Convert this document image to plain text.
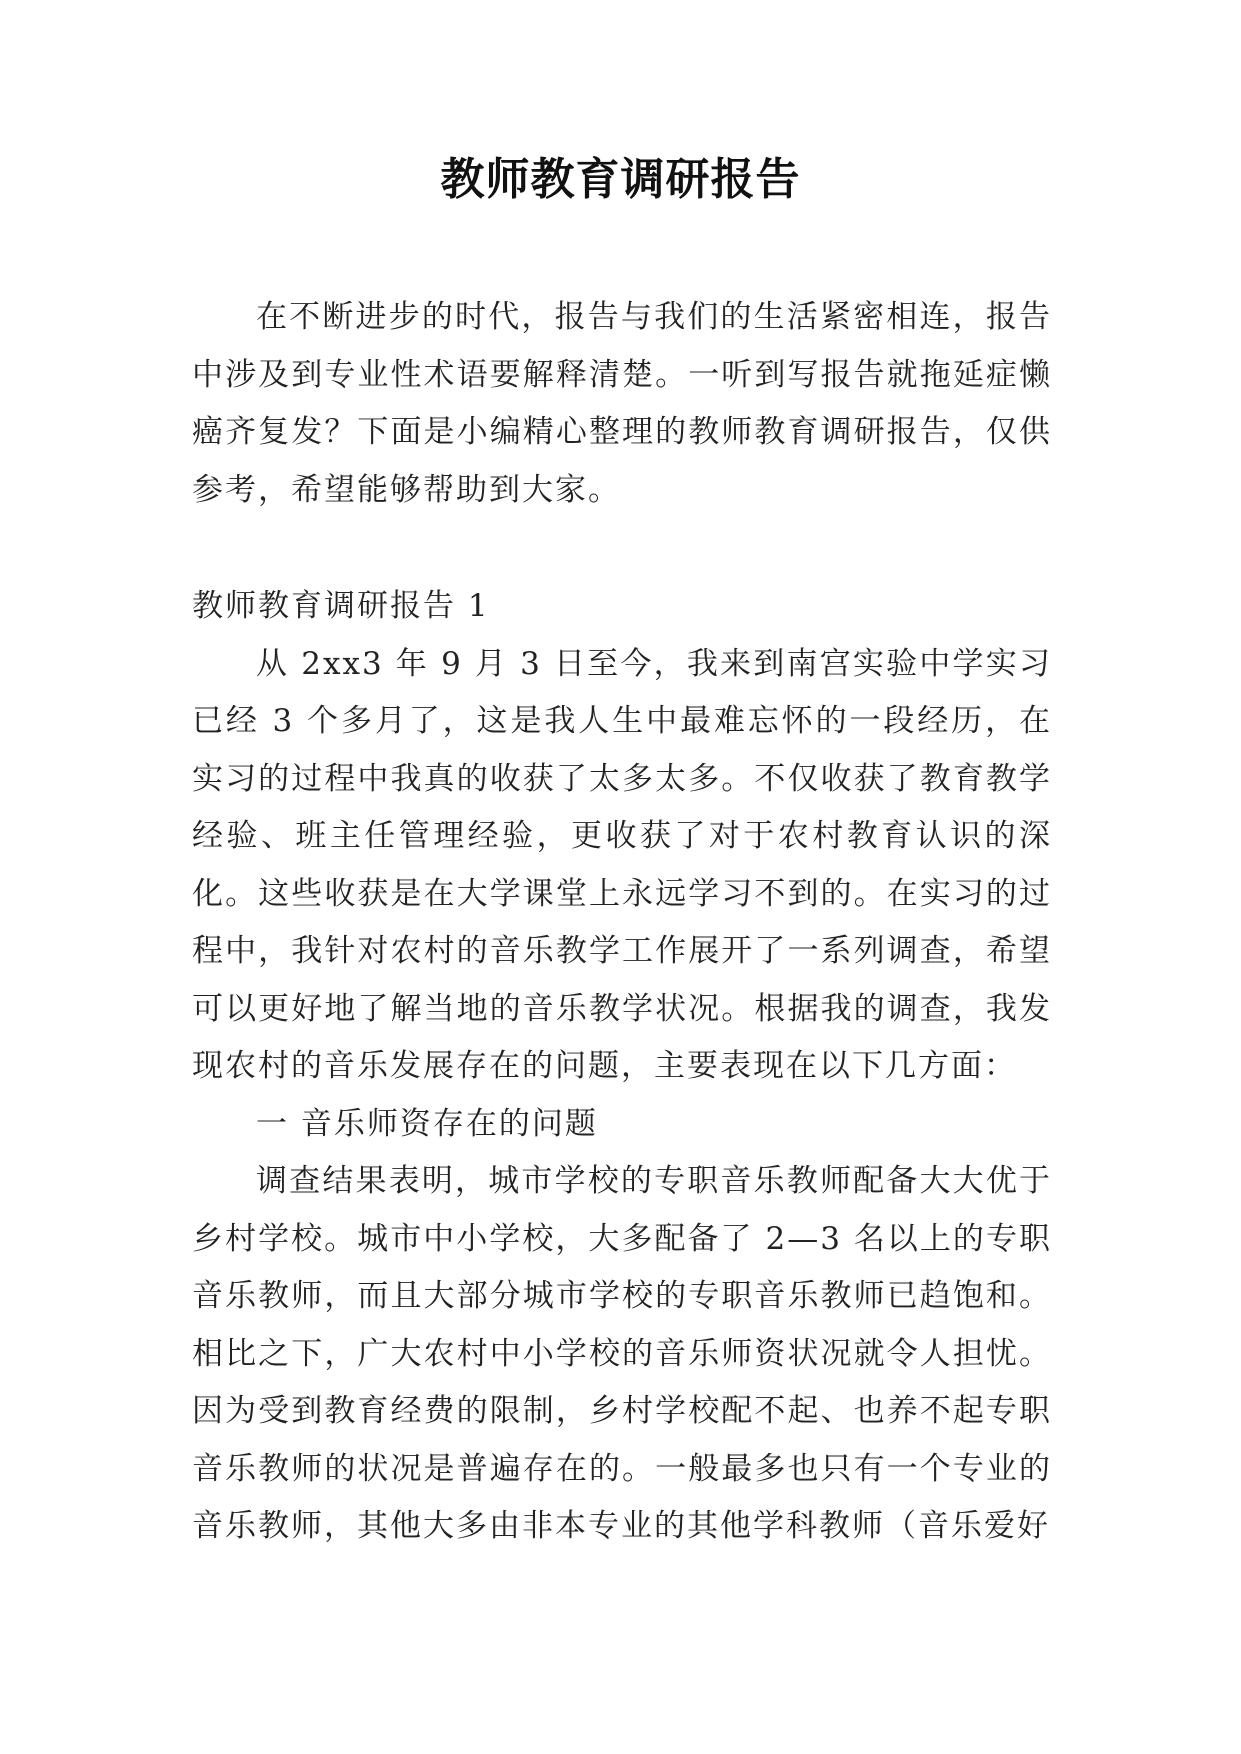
教师教育调研报告

在不断进步的时代，报告与我们的生活紧密相连，报告中涉及到专业性术语要解释清楚。一听到写报告就拖延症懒癌齐复发？下面是小编精心整理的教师教育调研报告，仅供参考，希望能够帮助到大家。

教师教育调研报告 1

从 2xx3 年 9 月 3 日至今，我来到南宫实验中学实习已经 3 个多月了，这是我人生中最难忘怀的一段经历，在实习的过程中我真的收获了太多太多。不仅收获了教育教学经验、班主任管理经验，更收获了对于农村教育认识的深化。这些收获是在大学课堂上永远学习不到的。在实习的过程中，我针对农村的音乐教学工作展开了一系列调查，希望可以更好地了解当地的音乐教学状况。根据我的调查，我发现农村的音乐发展存在的问题，主要表现在以下几方面：

一 音乐师资存在的问题

调查结果表明，城市学校的专职音乐教师配备大大优于乡村学校。城市中小学校，大多配备了 2—3 名以上的专职音乐教师，而且大部分城市学校的专职音乐教师已趋饱和。相比之下，广大农村中小学校的音乐师资状况就令人担忧。因为受到教育经费的限制，乡村学校配不起、也养不起专职音乐教师的状况是普遍存在的。一般最多也只有一个专业的音乐教师，其他大多由非本专业的其他学科教师（音乐爱好
